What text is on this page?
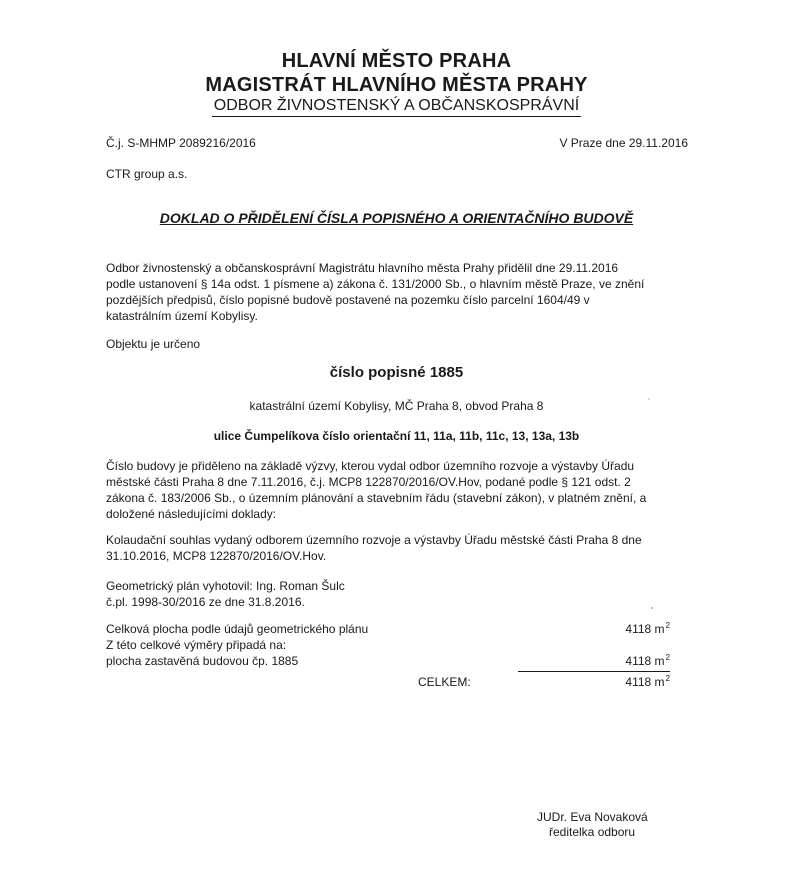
HLAVNÍ MĚSTO PRAHA
MAGISTRÁT HLAVNÍHO MĚSTA PRAHY
ODBOR ŽIVNOSTENSKÝ A OBČANSKOSPRÁVNÍ
Č.j. S-MHMP 2089216/2016	V Praze dne 29.11.2016
CTR group a.s.
DOKLAD O PŘIDĚLENÍ ČÍSLA POPISNÉHO A ORIENTAČNÍHO BUDOVĚ
Odbor živnostenský a občanskosprávní Magistrátu hlavního města Prahy přidělil dne 29.11.2016
podle ustanovení § 14a odst. 1 písmene a) zákona č. 131/2000 Sb., o hlavním městě Praze, ve znění
pozdějších předpisů, číslo popisné budově postavené na pozemku číslo parcelní 1604/49 v
katastrálním území Kobylisy.
Objektu je určeno
číslo popisné 1885
katastrální území Kobylisy, MČ Praha 8, obvod Praha 8
ulice Čumpelíkova číslo orientační 11, 11a, 11b, 11c, 13, 13a, 13b
Číslo budovy je přiděleno na základě výzvy, kterou vydal odbor územního rozvoje a výstavby Úřadu
městské části Praha 8 dne 7.11.2016, č.j. MCP8 122870/2016/OV.Hov, podané podle § 121 odst. 2
zákona č. 183/2006 Sb., o územním plánování a stavebním řádu (stavební zákon), v platném znění, a
doložené následujícími doklady:
Kolaudační souhlas vydaný odborem územního rozvoje a výstavby Úřadu městské části Praha 8 dne
31.10.2016, MCP8 122870/2016/OV.Hov.
Geometrický plán vyhotovil: Ing. Roman Šulc
č.pl. 1998-30/2016 ze dne 31.8.2016.
Celková plocha podle údajů geometrického plánu	4118 $m^2$
Z této celkové výměry připadá na:
plocha zastavěná budovou čp. 1885	4118 $m^2$
CELKEM:	4118 $m^2$
JUDr. Eva Novaková
ředitelka odboru
